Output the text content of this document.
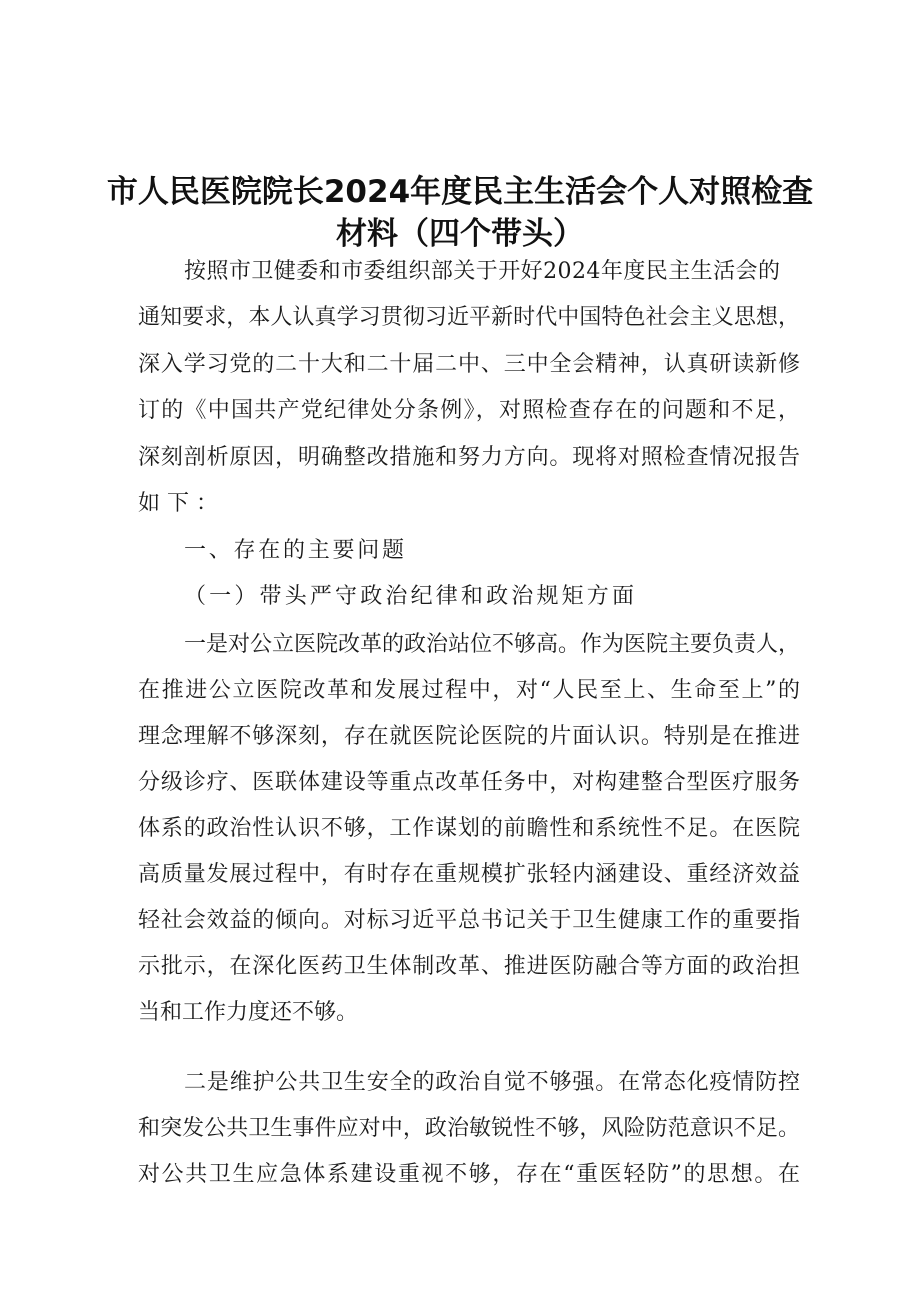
市人民医院院长2024年度民主生活会个人对照检查
材料（四个带头）
按照市卫健委和市委组织部关于开好2024年度民主生活会的
通知要求，本人认真学习贯彻习近平新时代中国特色社会主义思想，
深入学习党的二十大和二十届二中、三中全会精神，认真研读新修
订的《中国共产党纪律处分条例》，对照检查存在的问题和不足，
深刻剖析原因，明确整改措施和努力方向。现将对照检查情况报告
如下：
一、存在的主要问题
（一）带头严守政治纪律和政治规矩方面
一是对公立医院改革的政治站位不够高。作为医院主要负责人，
在推进公立医院改革和发展过程中，对“人民至上、生命至上”的
理念理解不够深刻，存在就医院论医院的片面认识。特别是在推进
分级诊疗、医联体建设等重点改革任务中，对构建整合型医疗服务
体系的政治性认识不够，工作谋划的前瞻性和系统性不足。在医院
高质量发展过程中，有时存在重规模扩张轻内涵建设、重经济效益
轻社会效益的倾向。对标习近平总书记关于卫生健康工作的重要指
示批示，在深化医药卫生体制改革、推进医防融合等方面的政治担
当和工作力度还不够。
二是维护公共卫生安全的政治自觉不够强。在常态化疫情防控
和突发公共卫生事件应对中，政治敏锐性不够，风险防范意识不足。
对公共卫生应急体系建设重视不够，存在“重医轻防”的思想。在
